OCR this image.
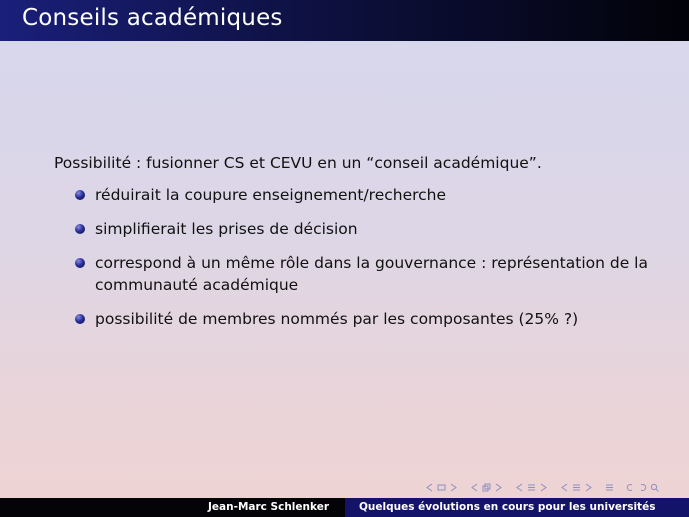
Conseils académiques

Possibilité : fusionner CS et CEVU en un “conseil académique”.

réduirait la coupure enseignement/recherche
simplifierait les prises de décision
correspond à un même rôle dans la gouvernance : représentation de la communauté académique
possibilité de membres nommés par les composantes (25% ?)
Jean-Marc Schlenker	Quelques évolutions en cours pour les universités
